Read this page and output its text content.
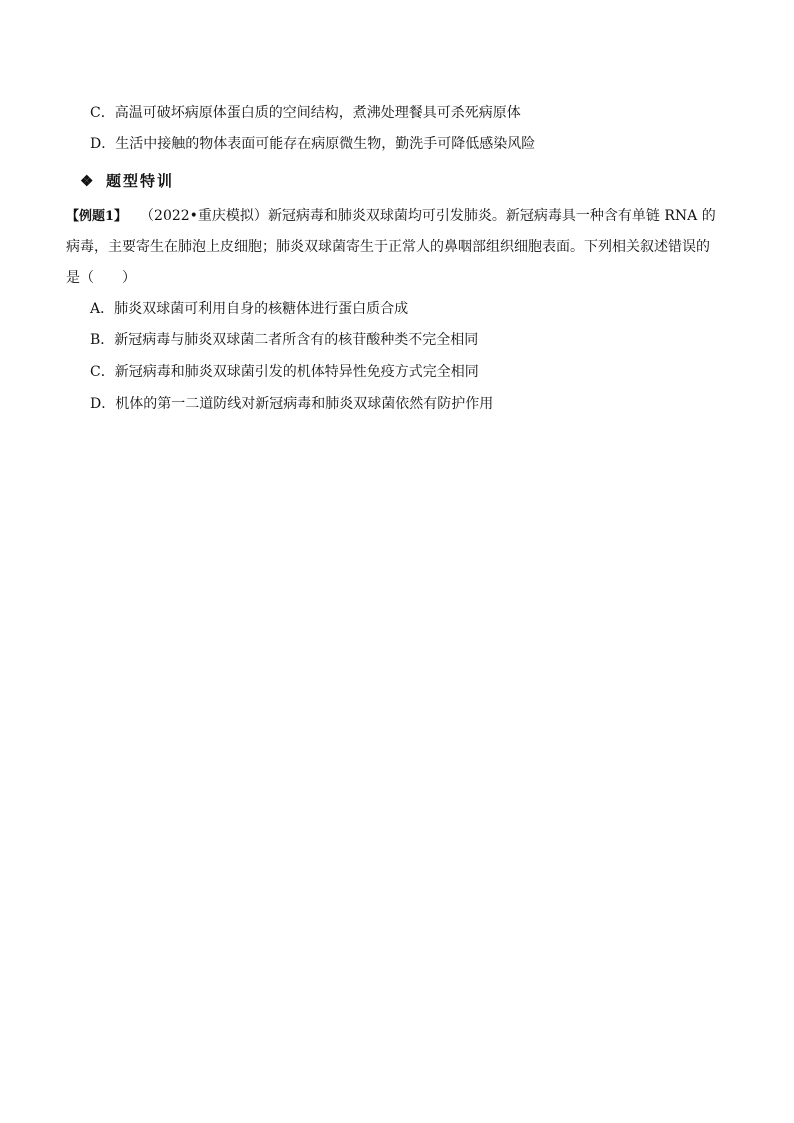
C．高温可破坏病原体蛋白质的空间结构，煮沸处理餐具可杀死病原体
D．生活中接触的物体表面可能存在病原微生物，勤洗手可降低感染风险
❖ 题型特训
【例题1】 （2022•重庆模拟）新冠病毒和肺炎双球菌均可引发肺炎。新冠病毒具一种含有单链 RNA 的
病毒，主要寄生在肺泡上皮细胞；肺炎双球菌寄生于正常人的鼻咽部组织细胞表面。下列相关叙述错误的
是（　　）
A．肺炎双球菌可利用自身的核糖体进行蛋白质合成
B．新冠病毒与肺炎双球菌二者所含有的核苷酸种类不完全相同
C．新冠病毒和肺炎双球菌引发的机体特异性免疫方式完全相同
D．机体的第一二道防线对新冠病毒和肺炎双球菌依然有防护作用
